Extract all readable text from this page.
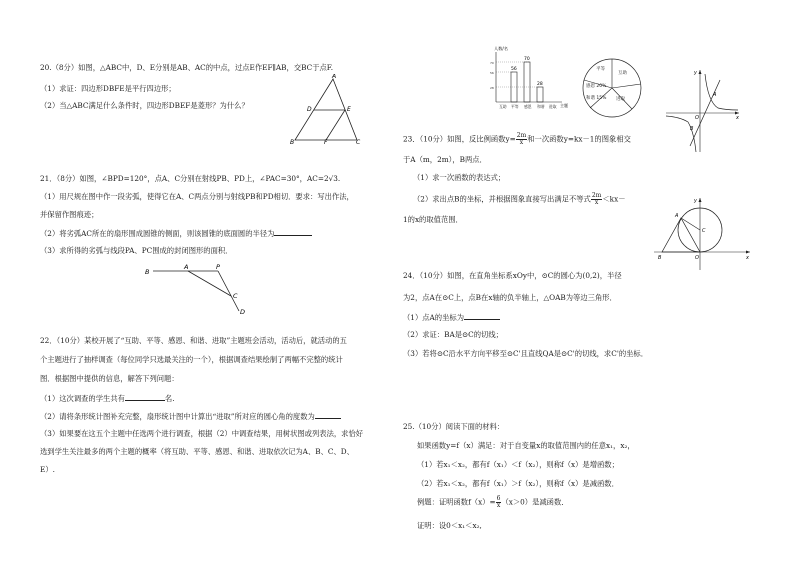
20.（8分）如图，△ABC中，D、E分别是AB、AC的中点，过点E作EF∥AB，交BC于点F.
（1）求证：四边形DBFE是平行四边形；
（2）当△ABC满足什么条件时，四边形DBEF是菱形？为什么？
21．（8分）如图，∠BPD=120°，点A、C分别在射线PB、PD上，∠PAC=30°，AC=2√3.
（1）用尺规在图中作一段劣弧，使得它在A、C两点分别与射线PB和PD相切．要求：写出作法，
并保留作图痕迹；
（2）将劣弧AC所在的扇形围成圆锥的侧面，则该圆锥的底面圆的半径为
（3）求所得的劣弧与线段PA、PC围成的封闭图形的面积．
22．（10分）某校开展了“互助、平等、感恩、和谐、进取”主题班会活动，活动后，就活动的五
个主题进行了抽样调查（每位同学只选最关注的一个），根据调查结果绘制了两幅不完整的统计
图．根据图中提供的信息，解答下列问题：
（1）这次调查的学生共有	名.
（2）请将条形统计图补充完整，扇形统计图中计算出“进取”所对应的圆心角的度数为
（3）如果要在这五个主题中任选两个进行调查，根据（2）中调查结果，用树状图或列表法，求恰好
选到学生关注最多的两个主题的概率（将互助、平等、感恩、和谐、进取依次记为A、B、C、D、
E）.
A
D	E
B	F	C
B
A	P
C
D
人数/名
70
56
28
56
70
28
主题
互助 平等 感恩 和谐 进取
平等
互助
感恩 20%
和谐 15% 进取
y
A
O
B
x
y
A
C
B	O	x
23．（10分）如图，反比例函数$y= \frac{2m}{x}$ 和一次函数y=kx－1的图象相交
于A（m，2m），B两点．
（1）求一次函数的表达式；
（2）求出点B的坐标，并根据图象直接写出满足不等式 $\frac{2m}{x} <kx-$
1的x的取值范围．
24．（10分）如图，在直角坐标系xOy中，⊙C的圆心为(0,2)，半径
为2，点A在⊙C上，点B在x轴的负半轴上，△OAB为等边三角形．
（1）点A的坐标为
（2）求证：BA是⊙C的切线；
（3）若将⊙C沿水平方向平移至⊙C'且直线QA是⊙C'的切线，求C'的坐标．
25.（10分）阅读下面的材料：
如果函数y=f（x）满足：对于自变量x的取值范围内的任意x₁，x₂，
（1）若x₁＜x₂，都有f（x₁）＜f（x₂），则称f（x）是增函数；
（2）若x₁＜x₂，都有f（x₁）＞f（x₂），则称f（x）是减函数．
例题：证明函数$f(x)= \frac{6}{x} (x>0)$是减函数．
证明：设0＜x₁＜x₂,
